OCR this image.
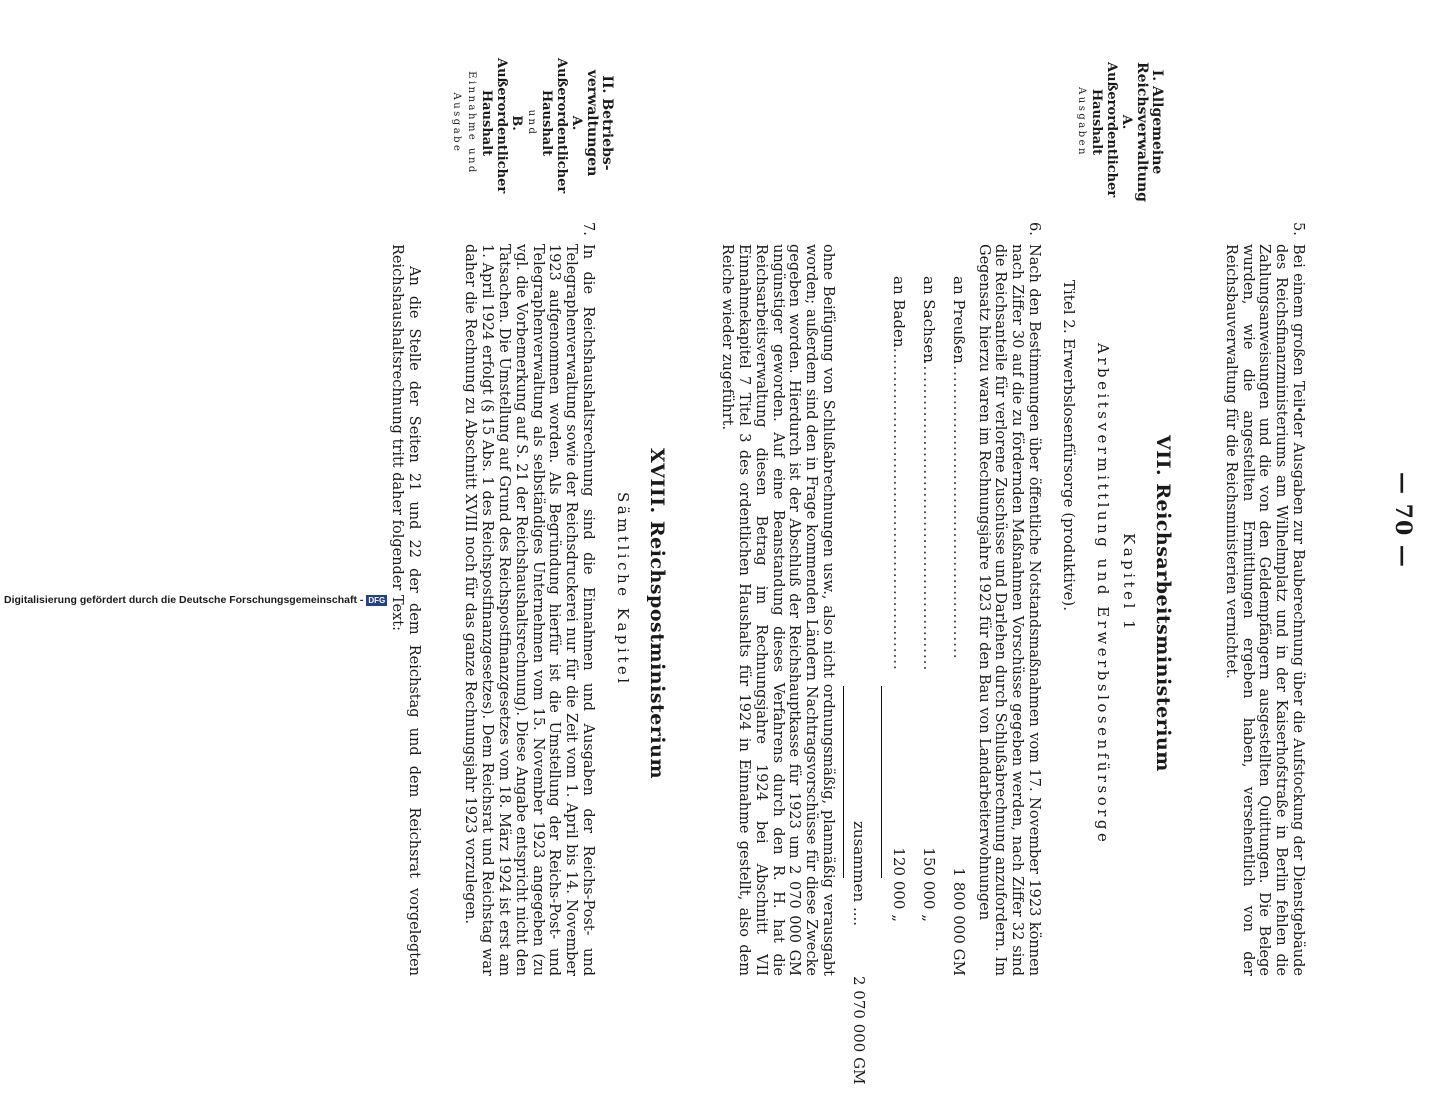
— 70 —
I. Allgemeine
Reichsverwaltung
A. Außerordentlicher
Haushalt
Ausgaben
5.
Bei einem großen Teil der Ausgaben zur Bauberechnung über die Aufstockung der Dienstgebäude des Reichsfinanzministeriums am Wilhelmplatz und in der Kaiserhofstraße in Berlin fehlen die Zahlungsanweisungen und die von den Geldempfängern ausgestellten Quittungen. Die Belege wurden, wie die angestellten Ermittlungen ergeben haben, versehentlich von der Reichsbauverwaltung für die Reichsministerien vernichtet.
VII. Reichsarbeitsministerium
Kapitel 1
Arbeitsvermittlung und Erwerbslosenfürsorge
Titel 2. Erwerbslosenfürsorge (produktive).
6.
Nach den Bestimmungen über öffentliche Notstandsmaßnahmen vom 17. November 1923 können nach Ziffer 30 auf die zu fördernden Maßnahmen Vorschüsse gegeben werden, nach Ziffer 32 sind die Reichsanteile für verlorene Zuschüsse und Darlehen durch Schlußabrechnung anzufordern. Im Gegensatz hierzu waren im Rechnungsjahre 1923 für den Bau von Landarbeiterwohnungen
an Preußen
......................................................
1 800 000 GM
an Sachsen
.......................................................
150 000 „
an Baden
.........................................................
120 000 „
zusammen ....
2 070 000 GM
ohne Beifügung von Schlußabrechnungen usw., also nicht ordnungsmäßig, planmäßig verausgabt worden; außerdem sind den in Frage kommenden Ländern Nachtragsvorschüsse für diese Zwecke gegeben worden. Hierdurch ist der Abschluß der Reichshauptkasse für 1923 um 2 070 000 GM ungünstiger geworden. Auf eine Beanstandung dieses Verfahrens durch den R. H. hat die Reichsarbeitsverwaltung diesen Betrag im Rechnungsjahre 1924 bei Abschnitt VII Einnahmekapitel 7 Titel 3 des ordentlichen Haushalts für 1924 in Einnahme gestellt, also dem Reiche wieder zugeführt.
XVIII. Reichspostministerium
Sämtliche Kapitel
II. Betriebs-
verwaltungen
A. Außerordentlicher
Haushalt
und
B. Außerordentlicher
Haushalt
Einnahme und
Ausgabe
7.
In die Reichshaushaltsrechnung sind die Einnahmen und Ausgaben der Reichs-Post- und Telegraphenverwaltung sowie der Reichsdruckerei nur für die Zeit vom 1. April bis 14. November 1923 aufgenommen worden. Als Begründung hierfür ist die Umstellung der Reichs-Post- und Telegraphenverwaltung als selbständiges Unternehmen vom 15. November 1923 angegeben (zu vgl. die Vorbemerkung auf S. 21 der Reichshaushaltsrechnung). Diese Angabe entspricht nicht den Tatsachen. Die Umstellung auf Grund des Reichspostfinanzgesetzes vom 18. März 1924 ist erst am 1. April 1924 erfolgt (§ 15 Abs. 1 des Reichspostfinanzgesetzes). Dem Reichsrat und Reichstag war daher die Rechnung zu Abschnitt XVIII noch für das ganze Rechnungsjahr 1923 vorzulegen.
An die Stelle der Seiten 21 und 22 der dem Reichstag und dem Reichsrat vorgelegten Reichshaushaltsrechnung tritt daher folgender Text:
Digitalisierung gefördert durch die Deutsche Forschungsgemeinschaft - DFG
